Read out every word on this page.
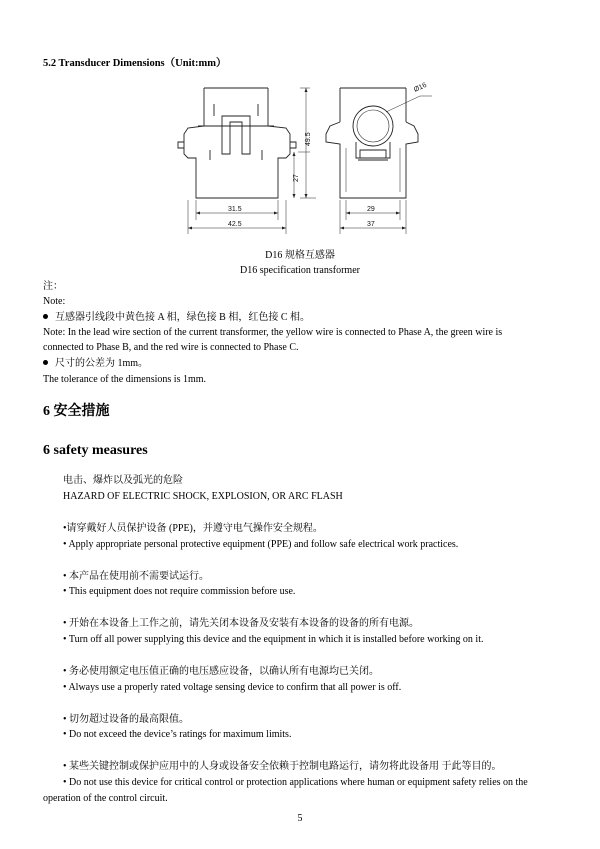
5.2 Transducer Dimensions（Unit:mm）
31.5
42.5
49.5
27
Ø16
29
37
D16 规格互感器
D16 specification transformer
注：
Note:
互感器引线段中黄色接 A 相，绿色接 B 相，红色接 C 相。
Note: In the lead wire section of the current transformer, the yellow wire is connected to Phase A, the green wire is
connected to Phase B, and the red wire is connected to Phase C.
尺寸的公差为 1mm。
The tolerance of the dimensions is 1mm.
6 安全措施
6 safety measures
电击、爆炸以及弧光的危险
HAZARD OF ELECTRIC SHOCK, EXPLOSION, OR ARC FLASH
•请穿戴好人员保护设备 (PPE)，并遵守电气操作安全规程。
• Apply appropriate personal protective equipment (PPE) and follow safe electrical work practices.
• 本产品在使用前不需要试运行。
• This equipment does not require commission before use.
• 开始在本设备上工作之前，请先关闭本设备及安装有本设备的设备的所有电源。
• Turn off all power supplying this device and the equipment in which it is installed before working on it.
• 务必使用额定电压值正确的电压感应设备，以确认所有电源均已关闭。
• Always use a properly rated voltage sensing device to confirm that all power is off.
• 切勿超过设备的最高限值。
• Do not exceed the device’s ratings for maximum limits.
• 某些关键控制或保护应用中的人身或设备安全依赖于控制电路运行，请勿将此设备用 于此等目的。
• Do not use this device for critical control or protection applications where human or equipment safety relies on the
operation of the control circuit.
5
